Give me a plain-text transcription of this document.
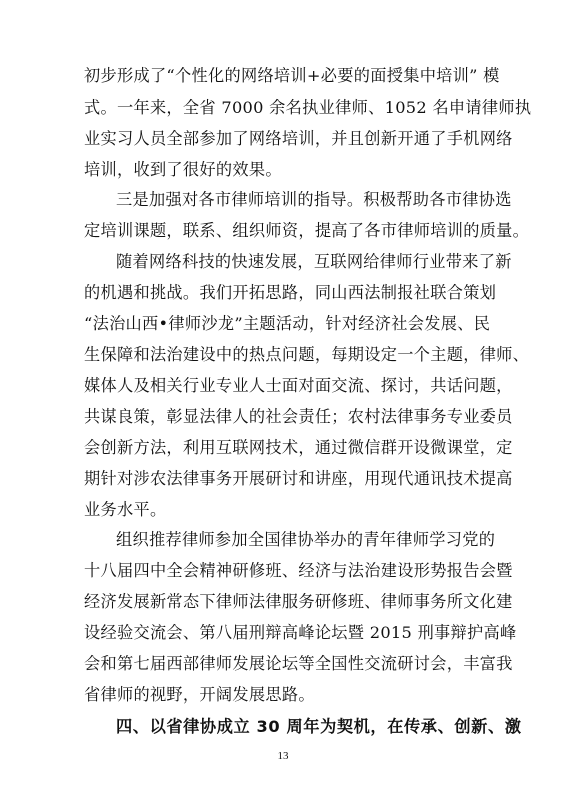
初步形成了“个性化的网络培训+必要的面授集中培训” 模
式。一年来，全省 7000 余名执业律师、1052 名申请律师执
业实习人员全部参加了网络培训，并且创新开通了手机网络
培训，收到了很好的效果。
三是加强对各市律师培训的指导。积极帮助各市律协选
定培训课题，联系、组织师资，提高了各市律师培训的质量。
随着网络科技的快速发展，互联网给律师行业带来了新
的机遇和挑战。我们开拓思路，同山西法制报社联合策划
“法治山西•律师沙龙”主题活动，针对经济社会发展、民
生保障和法治建设中的热点问题，每期设定一个主题，律师、
媒体人及相关行业专业人士面对面交流、探讨，共话问题，
共谋良策，彰显法律人的社会责任；农村法律事务专业委员
会创新方法，利用互联网技术，通过微信群开设微课堂，定
期针对涉农法律事务开展研讨和讲座，用现代通讯技术提高
业务水平。
组织推荐律师参加全国律协举办的青年律师学习党的
十八届四中全会精神研修班、经济与法治建设形势报告会暨
经济发展新常态下律师法律服务研修班、律师事务所文化建
设经验交流会、第八届刑辩高峰论坛暨 2015 刑事辩护高峰
会和第七届西部律师发展论坛等全国性交流研讨会，丰富我
省律师的视野，开阔发展思路。
四、以省律协成立 30 周年为契机，在传承、创新、激
13
